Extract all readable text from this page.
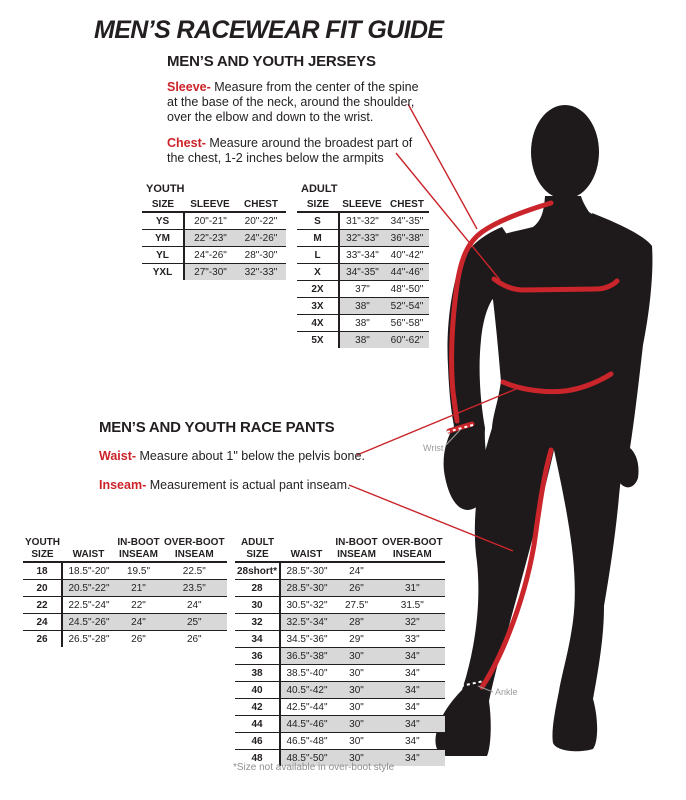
MEN’S RACEWEAR FIT GUIDE
MEN’S AND YOUTH JERSEYS
Sleeve- Measure from the center of the spine at the base of the neck, around the shoulder, over the elbow and down to the wrist.
Chest- Measure around the broadest part of the chest, 1-2 inches below the armpits
YOUTH
SIZE	SLEEVE	CHEST
YS	20"-21"	20"-22"
YM	22"-23"	24"-26"
YL	24"-26"	28"-30"
YXL	27"-30"	32"-33"
ADULT
SIZE	SLEEVE	CHEST
S	31"-32"	34"-35"
M	32"-33"	36"-38"
L	33"-34"	40"-42"
X	34"-35"	44"-46"
2X	37"	48"-50"
3X	38"	52"-54"
4X	38"	56"-58"
5X	38"	60"-62"
MEN’S AND YOUTH RACE PANTS
Waist- Measure about 1" below the pelvis bone.
Inseam- Measurement is actual pant inseam.
YOUTH		IN-BOOT	OVER-BOOT
SIZE	WAIST	INSEAM	INSEAM
18	18.5"-20"	19.5"	22.5"
20	20.5"-22"	21"	23.5"
22	22.5"-24"	22"	24"
24	24.5"-26"	24"	25"
26	26.5"-28"	26"	26"
ADULT		IN-BOOT	OVER-BOOT
SIZE	WAIST	INSEAM	INSEAM
28short*	28.5"-30"	24"	
28	28.5"-30"	26"	31"
30	30.5"-32"	27.5"	31.5"
32	32.5"-34"	28"	32"
34	34.5"-36"	29"	33"
36	36.5"-38"	30"	34"
38	38.5"-40"	30"	34"
40	40.5"-42"	30"	34"
42	42.5"-44"	30"	34"
44	44.5"-46"	30"	34"
46	46.5"-48"	30"	34"
48	48.5"-50"	30"	34"
*Size not available in over-boot style
Wrist
Ankle
